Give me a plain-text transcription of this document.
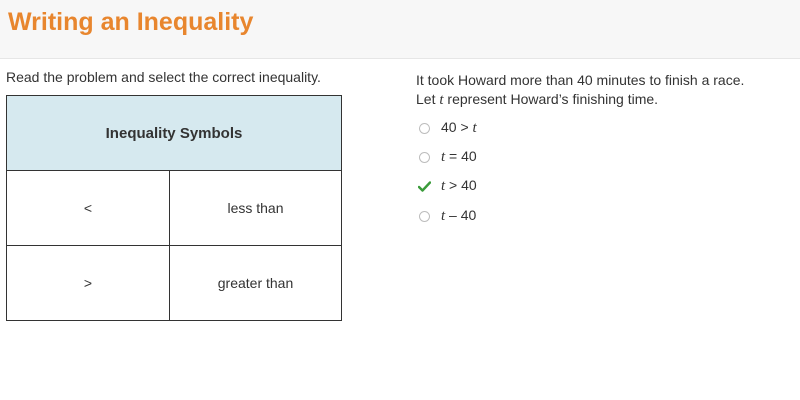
Writing an Inequality
Read the problem and select the correct inequality.
Inequality Symbols	
<	less than
>	greater than
It took Howard more than 40 minutes to finish a race.
Let t represent Howard’s finishing time.
40 > t
t = 40
t > 40
t – 40
